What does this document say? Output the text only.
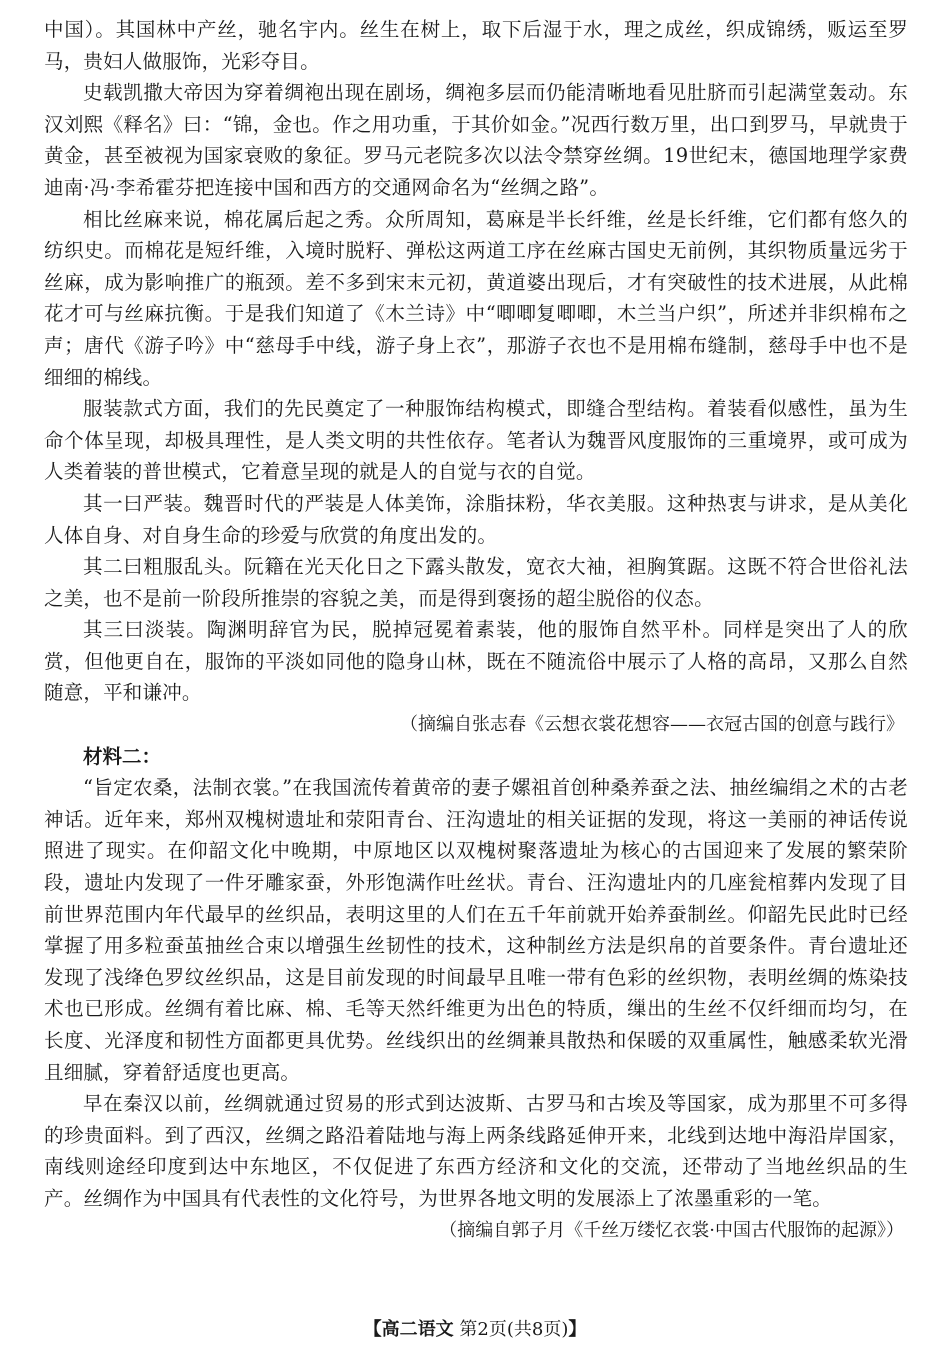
中国）。其国林中产丝，驰名宇内。丝生在树上，取下后湿于水，理之成丝，织成锦绣，贩运至罗马，贵妇人做服饰，光彩夺目。

史载凯撒大帝因为穿着绸袍出现在剧场，绸袍多层而仍能清晰地看见肚脐而引起满堂轰动。东汉刘熙《释名》曰：“锦，金也。作之用功重，于其价如金。”况西行数万里，出口到罗马，早就贵于黄金，甚至被视为国家衰败的象征。罗马元老院多次以法令禁穿丝绸。19世纪末，德国地理学家费迪南·冯·李希霍芬把连接中国和西方的交通网命名为“丝绸之路”。

相比丝麻来说，棉花属后起之秀。众所周知，葛麻是半长纤维，丝是长纤维，它们都有悠久的纺织史。而棉花是短纤维，入境时脱籽、弹松这两道工序在丝麻古国史无前例，其织物质量远劣于丝麻，成为影响推广的瓶颈。差不多到宋末元初，黄道婆出现后，才有突破性的技术进展，从此棉花才可与丝麻抗衡。于是我们知道了《木兰诗》中“唧唧复唧唧，木兰当户织”，所述并非织棉布之声；唐代《游子吟》中“慈母手中线，游子身上衣”，那游子衣也不是用棉布缝制，慈母手中也不是细细的棉线。

服装款式方面，我们的先民奠定了一种服饰结构模式，即缝合型结构。着装看似感性，虽为生命个体呈现，却极具理性，是人类文明的共性依存。笔者认为魏晋风度服饰的三重境界，或可成为人类着装的普世模式，它着意呈现的就是人的自觉与衣的自觉。

其一曰严装。魏晋时代的严装是人体美饰，涂脂抹粉，华衣美服。这种热衷与讲求，是从美化人体自身、对自身生命的珍爱与欣赏的角度出发的。

其二曰粗服乱头。阮籍在光天化日之下露头散发，宽衣大袖，袒胸箕踞。这既不符合世俗礼法之美，也不是前一阶段所推崇的容貌之美，而是得到褒扬的超尘脱俗的仪态。

其三曰淡装。陶渊明辞官为民，脱掉冠冕着素装，他的服饰自然平朴。同样是突出了人的欣赏，但他更自在，服饰的平淡如同他的隐身山林，既在不随流俗中展示了人格的高昂，又那么自然随意，平和谦冲。

（摘编自张志春《云想衣裳花想容——衣冠古国的创意与践行》

材料二：

“旨定农桑，法制衣裳。”在我国流传着黄帝的妻子嫘祖首创种桑养蚕之法、抽丝编绢之术的古老神话。近年来，郑州双槐树遗址和荥阳青台、汪沟遗址的相关证据的发现，将这一美丽的神话传说照进了现实。在仰韶文化中晚期，中原地区以双槐树聚落遗址为核心的古国迎来了发展的繁荣阶段，遗址内发现了一件牙雕家蚕，外形饱满作吐丝状。青台、汪沟遗址内的几座瓮棺葬内发现了目前世界范围内年代最早的丝织品，表明这里的人们在五千年前就开始养蚕制丝。仰韶先民此时已经掌握了用多粒蚕茧抽丝合束以增强生丝韧性的技术，这种制丝方法是织帛的首要条件。青台遗址还发现了浅绛色罗纹丝织品，这是目前发现的时间最早且唯一带有色彩的丝织物，表明丝绸的炼染技术也已形成。丝绸有着比麻、棉、毛等天然纤维更为出色的特质，缫出的生丝不仅纤细而均匀，在长度、光泽度和韧性方面都更具优势。丝线织出的丝绸兼具散热和保暖的双重属性，触感柔软光滑且细腻，穿着舒适度也更高。

早在秦汉以前，丝绸就通过贸易的形式到达波斯、古罗马和古埃及等国家，成为那里不可多得的珍贵面料。到了西汉，丝绸之路沿着陆地与海上两条线路延伸开来，北线到达地中海沿岸国家，南线则途经印度到达中东地区，不仅促进了东西方经济和文化的交流，还带动了当地丝织品的生产。丝绸作为中国具有代表性的文化符号，为世界各地文明的发展添上了浓墨重彩的一笔。

（摘编自郭子月《千丝万缕忆衣裳·中国古代服饰的起源》）

【高二语文 第2页(共8页)】
